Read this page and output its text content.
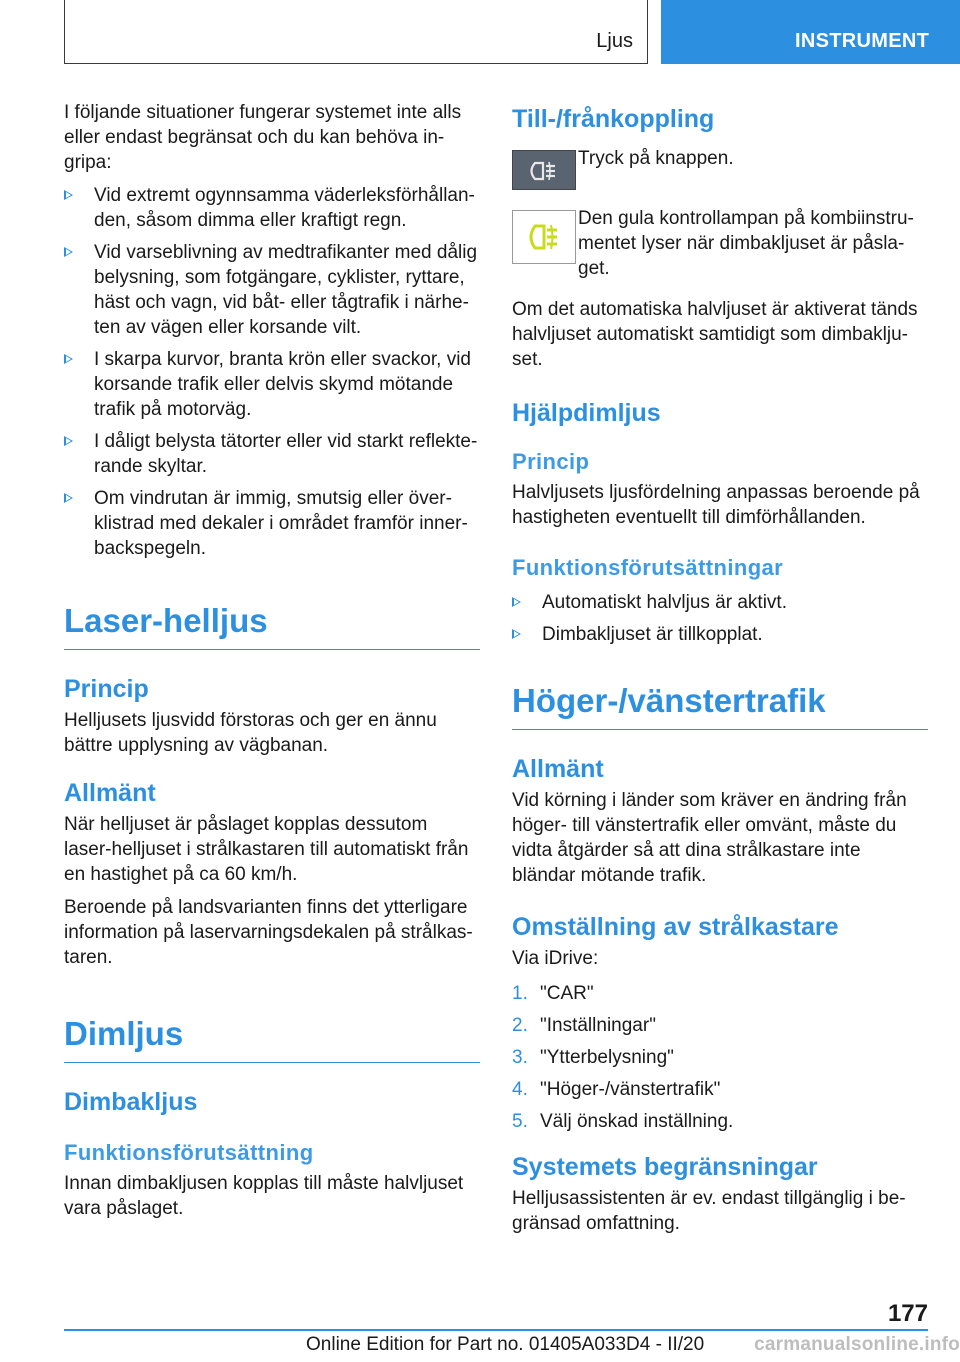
Ljus	INSTRUMENT

I följande situationer fungerar systemet inte alls eller endast begränsat och du kan behöva in-gripa:

Vid extremt ogynnsamma väderleksförhållan-den, såsom dimma eller kraftigt regn.
Vid varseblivning av medtrafikanter med dålig belysning, som fotgängare, cyklister, ryttare, häst och vagn, vid båt- eller tågtrafik i närhe-ten av vägen eller korsande vilt.
I skarpa kurvor, branta krön eller svackor, vid korsande trafik eller delvis skymd mötande trafik på motorväg.
I dåligt belysta tätorter eller vid starkt reflekte-rande skyltar.
Om vindrutan är immig, smutsig eller över-klistrad med dekaler i området framför inner-backspegeln.
Laser-helljus
Princip

Helljusets ljusvidd förstoras och ger en ännu bättre upplysning av vägbanan.

Allmänt

När helljuset är påslaget kopplas dessutom laser-helljuset i strålkastaren till automatiskt från en hastighet på ca 60 km/h.

Beroende på landsvarianten finns det ytterligare information på laservarningsdekalen på strålkas-taren.

Dimljus
Dimbakljus
Funktionsförutsättning

Innan dimbakljusen kopplas till måste halvljuset vara påslaget.

Till-/frånkoppling

Tryck på knappen.

Den gula kontrollampan på kombiinstru-mentet lyser när dimbakljuset är påsla-get.

Om det automatiska halvljuset är aktiverat tänds halvljuset automatiskt samtidigt som dimbaklju-set.

Hjälpdimljus
Princip

Halvljusets ljusfördelning anpassas beroende på hastigheten eventuellt till dimförhållanden.

Funktionsförutsättningar
Automatiskt halvljus är aktivt.
Dimbakljuset är tillkopplat.
Höger-/vänstertrafik
Allmänt

Vid körning i länder som kräver en ändring från höger- till vänstertrafik eller omvänt, måste du vidta åtgärder så att dina strålkastare inte bländar mötande trafik.

Omställning av strålkastare

Via iDrive:

1. "CAR"
2. "Inställningar"
3. "Ytterbelysning"
4. "Höger-/vänstertrafik"
5. Välj önskad inställning.
Systemets begränsningar

Helljusassistenten är ev. endast tillgänglig i be-gränsad omfattning.

177
Online Edition for Part no. 01405A033D4 - II/20	carmanualsonline.info
